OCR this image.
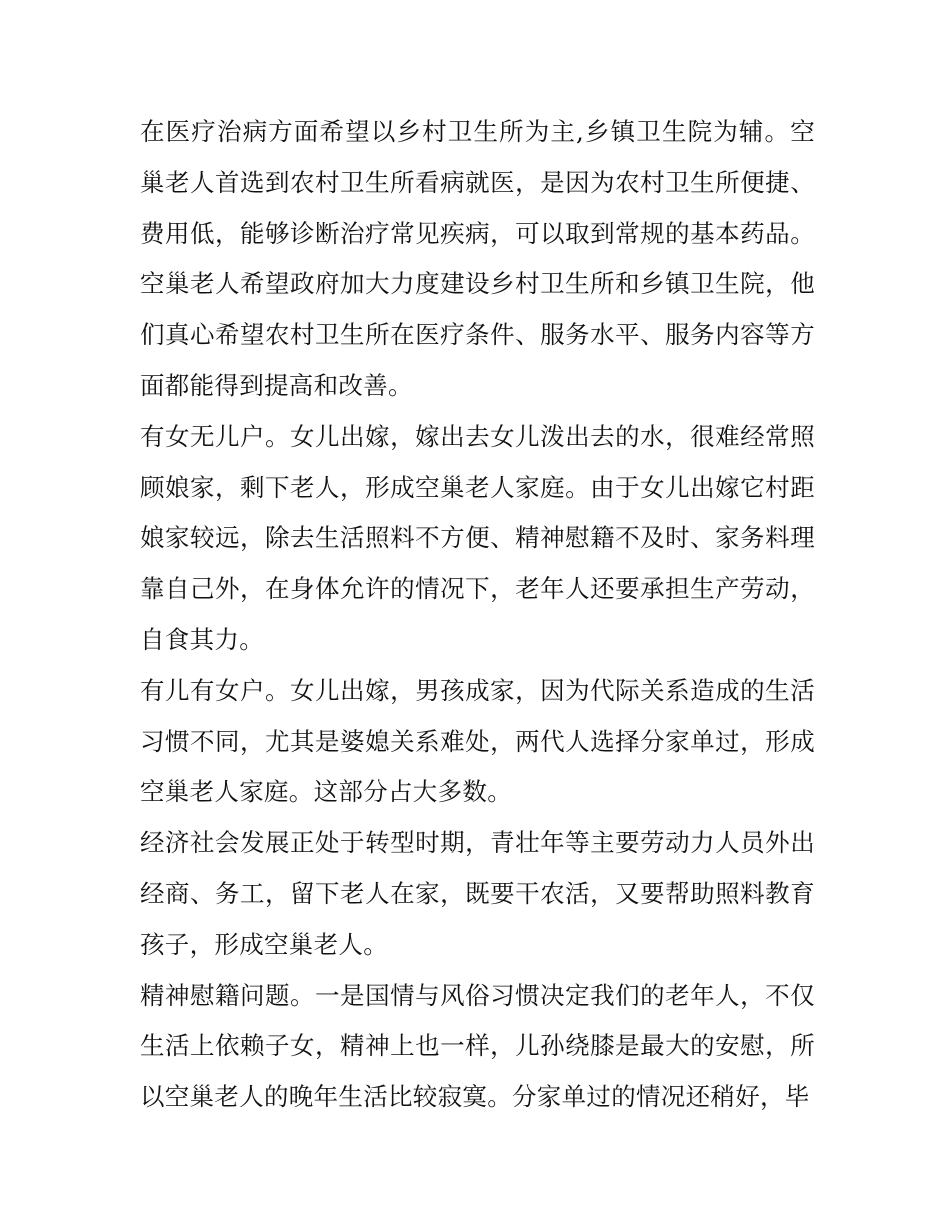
在医疗治病方面希望以乡村卫生所为主,乡镇卫生院为辅。空巢老人首选到农村卫生所看病就医，是因为农村卫生所便捷、费用低，能够诊断治疗常见疾病，可以取到常规的基本药品。空巢老人希望政府加大力度建设乡村卫生所和乡镇卫生院，他们真心希望农村卫生所在医疗条件、服务水平、服务内容等方面都能得到提高和改善。

有女无儿户。女儿出嫁，嫁出去女儿泼出去的水，很难经常照顾娘家，剩下老人，形成空巢老人家庭。由于女儿出嫁它村距娘家较远，除去生活照料不方便、精神慰籍不及时、家务料理靠自己外，在身体允许的情况下，老年人还要承担生产劳动，自食其力。

有儿有女户。女儿出嫁，男孩成家，因为代际关系造成的生活习惯不同，尤其是婆媳关系难处，两代人选择分家单过，形成空巢老人家庭。这部分占大多数。

经济社会发展正处于转型时期，青壮年等主要劳动力人员外出经商、务工，留下老人在家，既要干农活，又要帮助照料教育孩子，形成空巢老人。

精神慰籍问题。一是国情与风俗习惯决定我们的老年人，不仅生活上依赖子女，精神上也一样，儿孙绕膝是最大的安慰，所以空巢老人的晚年生活比较寂寞。分家单过的情况还稍好，毕
